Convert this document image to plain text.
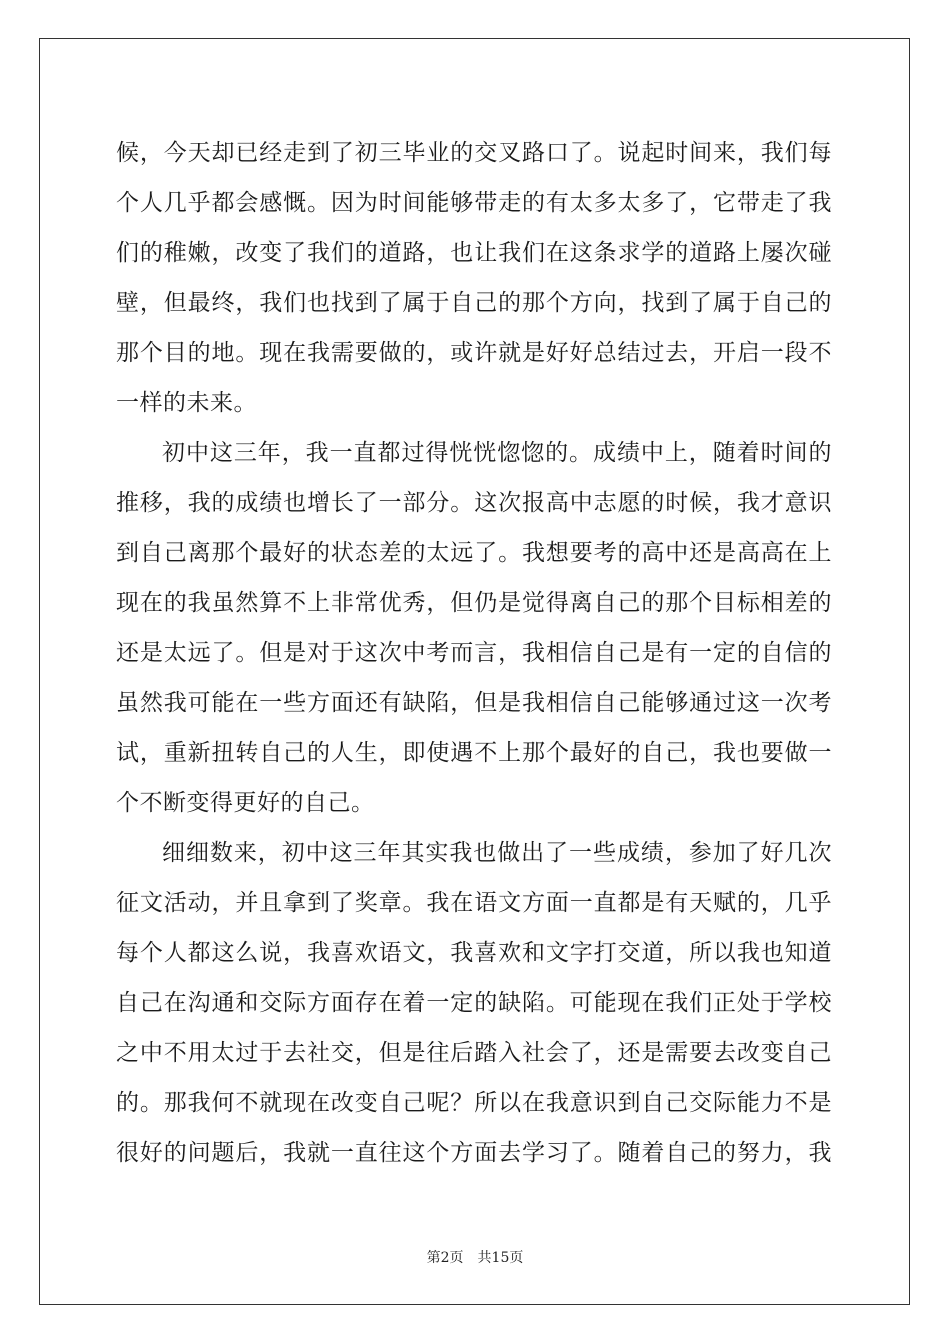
候，今天却已经走到了初三毕业的交叉路口了。说起时间来，我们每
个人几乎都会感慨。因为时间能够带走的有太多太多了，它带走了我
们的稚嫩，改变了我们的道路，也让我们在这条求学的道路上屡次碰
壁，但最终，我们也找到了属于自己的那个方向，找到了属于自己的
那个目的地。现在我需要做的，或许就是好好总结过去，开启一段不
一样的未来。
初中这三年，我一直都过得恍恍惚惚的。成绩中上，随着时间的
推移，我的成绩也增长了一部分。这次报高中志愿的时候，我才意识
到自己离那个最好的状态差的太远了。我想要考的高中还是高高在上
现在的我虽然算不上非常优秀，但仍是觉得离自己的那个目标相差的
还是太远了。但是对于这次中考而言，我相信自己是有一定的自信的
虽然我可能在一些方面还有缺陷，但是我相信自己能够通过这一次考
试，重新扭转自己的人生，即使遇不上那个最好的自己，我也要做一
个不断变得更好的自己。
细细数来，初中这三年其实我也做出了一些成绩，参加了好几次
征文活动，并且拿到了奖章。我在语文方面一直都是有天赋的，几乎
每个人都这么说，我喜欢语文，我喜欢和文字打交道，所以我也知道
自己在沟通和交际方面存在着一定的缺陷。可能现在我们正处于学校
之中不用太过于去社交，但是往后踏入社会了，还是需要去改变自己
的。那我何不就现在改变自己呢？所以在我意识到自己交际能力不是
很好的问题后，我就一直往这个方面去学习了。随着自己的努力，我
第2页 共15页
